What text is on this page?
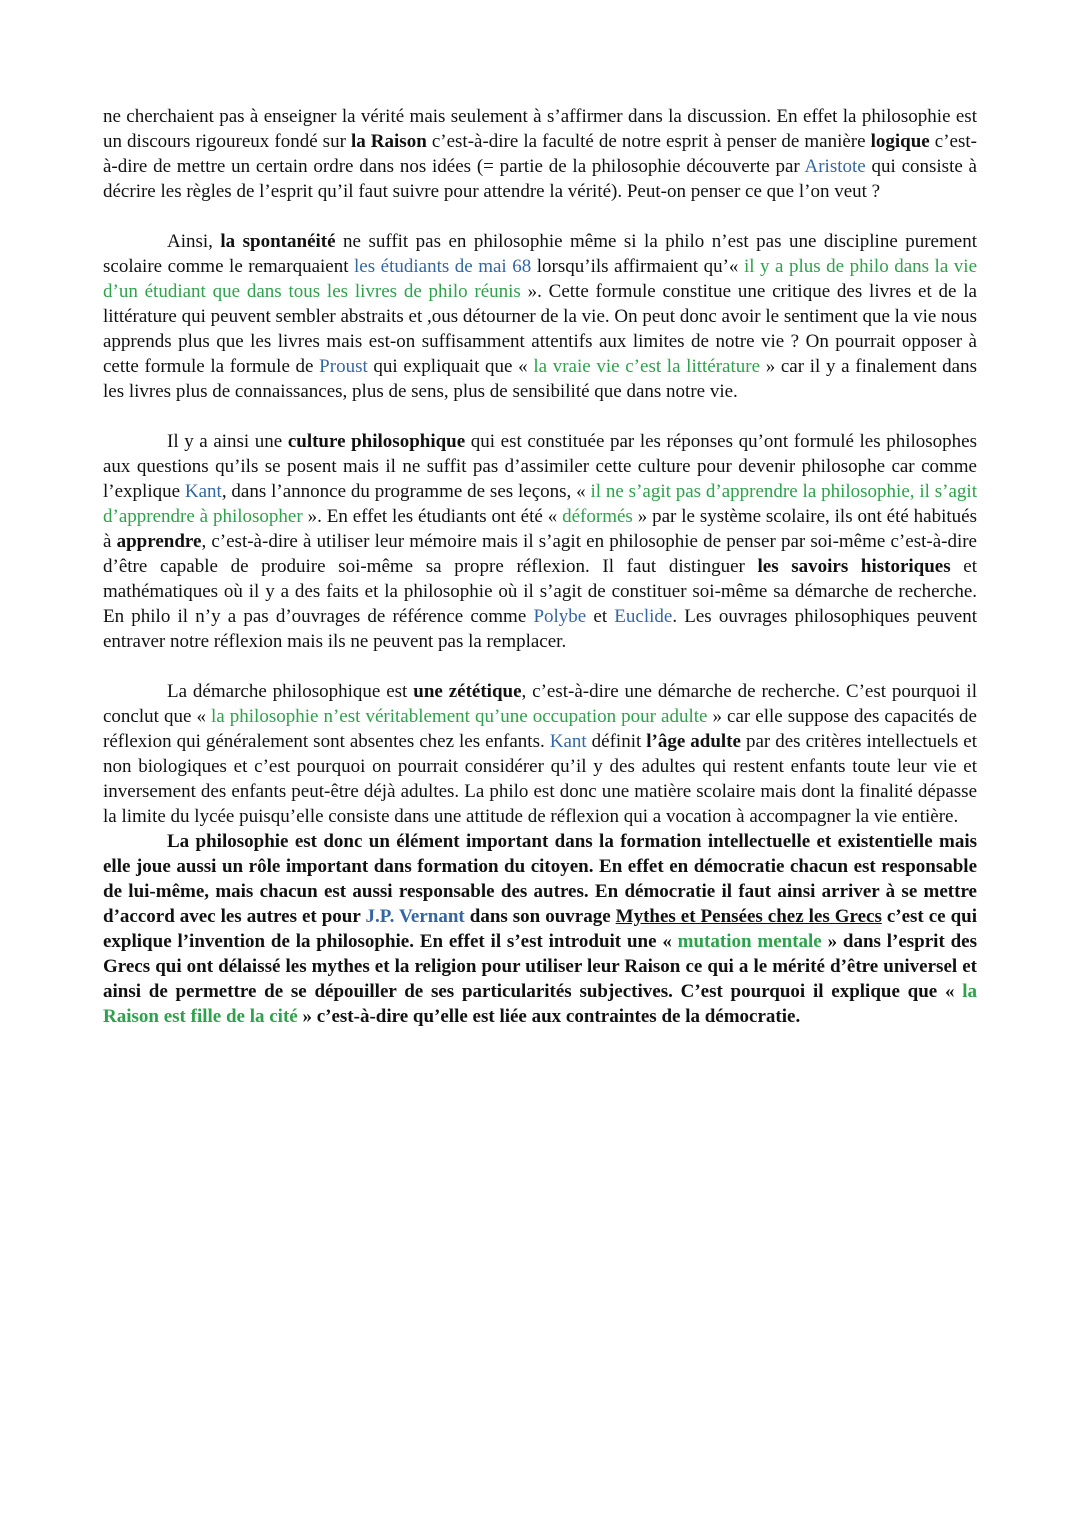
ne cherchaient pas à enseigner la vérité mais seulement à s’affirmer dans la discussion. En effet la philosophie est un discours rigoureux fondé sur la Raison c’est-à-dire la faculté de notre esprit à penser de manière logique c’est-à-dire de mettre un certain ordre dans nos idées (= partie de la philosophie découverte par Aristote qui consiste à décrire les règles de l’esprit qu’il faut suivre pour attendre la vérité). Peut-on penser ce que l’on veut ?

Ainsi, la spontanéité ne suffit pas en philosophie même si la philo n’est pas une discipline purement scolaire comme le remarquaient les étudiants de mai 68 lorsqu’ils affirmaient qu’« il y a plus de philo dans la vie d’un étudiant que dans tous les livres de philo réunis ». Cette formule constitue une critique des livres et de la littérature qui peuvent sembler abstraits et ,ous détourner de la vie. On peut donc avoir le sentiment que la vie nous apprends plus que les livres mais est-on suffisamment attentifs aux limites de notre vie ? On pourrait opposer à cette formule la formule de Proust qui expliquait que « la vraie vie c’est la littérature » car il y a finalement dans les livres plus de connaissances, plus de sens, plus de sensibilité que dans notre vie.

Il y a ainsi une culture philosophique qui est constituée par les réponses qu’ont formulé les philosophes aux questions qu’ils se posent mais il ne suffit pas d’assimiler cette culture pour devenir philosophe car comme l’explique Kant, dans l’annonce du programme de ses leçons, « il ne s’agit pas d’apprendre la philosophie, il s’agit d’apprendre à philosopher ». En effet les étudiants ont été « déformés » par le système scolaire, ils ont été habitués à apprendre, c’est-à-dire à utiliser leur mémoire mais il s’agit en philosophie de penser par soi-même c’est-à-dire d’être capable de produire soi-même sa propre réflexion. Il faut distinguer les savoirs historiques et mathématiques où il y a des faits et la philosophie où il s’agit de constituer soi-même sa démarche de recherche. En philo il n’y a pas d’ouvrages de référence comme Polybe et Euclide. Les ouvrages philosophiques peuvent entraver notre réflexion mais ils ne peuvent pas la remplacer.

La démarche philosophique est une zététique, c’est-à-dire une démarche de recherche. C’est pourquoi il conclut que « la philosophie n’est véritablement qu’une occupation pour adulte » car elle suppose des capacités de réflexion qui généralement sont absentes chez les enfants. Kant définit l’âge adulte par des critères intellectuels et non biologiques et c’est pourquoi on pourrait considérer qu’il y des adultes qui restent enfants toute leur vie et inversement des enfants peut-être déjà adultes. La philo est donc une matière scolaire mais dont la finalité dépasse la limite du lycée puisqu’elle consiste dans une attitude de réflexion qui a vocation à accompagner la vie entière.

La philosophie est donc un élément important dans la formation intellectuelle et existentielle mais elle joue aussi un rôle important dans formation du citoyen. En effet en démocratie chacun est responsable de lui-même, mais chacun est aussi responsable des autres. En démocratie il faut ainsi arriver à se mettre d’accord avec les autres et pour J.P. Vernant dans son ouvrage Mythes et Pensées chez les Grecs c’est ce qui explique l’invention de la philosophie. En effet il s’est introduit une « mutation mentale » dans l’esprit des Grecs qui ont délaissé les mythes et la religion pour utiliser leur Raison ce qui a le mérité d’être universel et ainsi de permettre de se dépouiller de ses particularités subjectives. C’est pourquoi il explique que « la Raison est fille de la cité » c’est-à-dire qu’elle est liée aux contraintes de la démocratie.
